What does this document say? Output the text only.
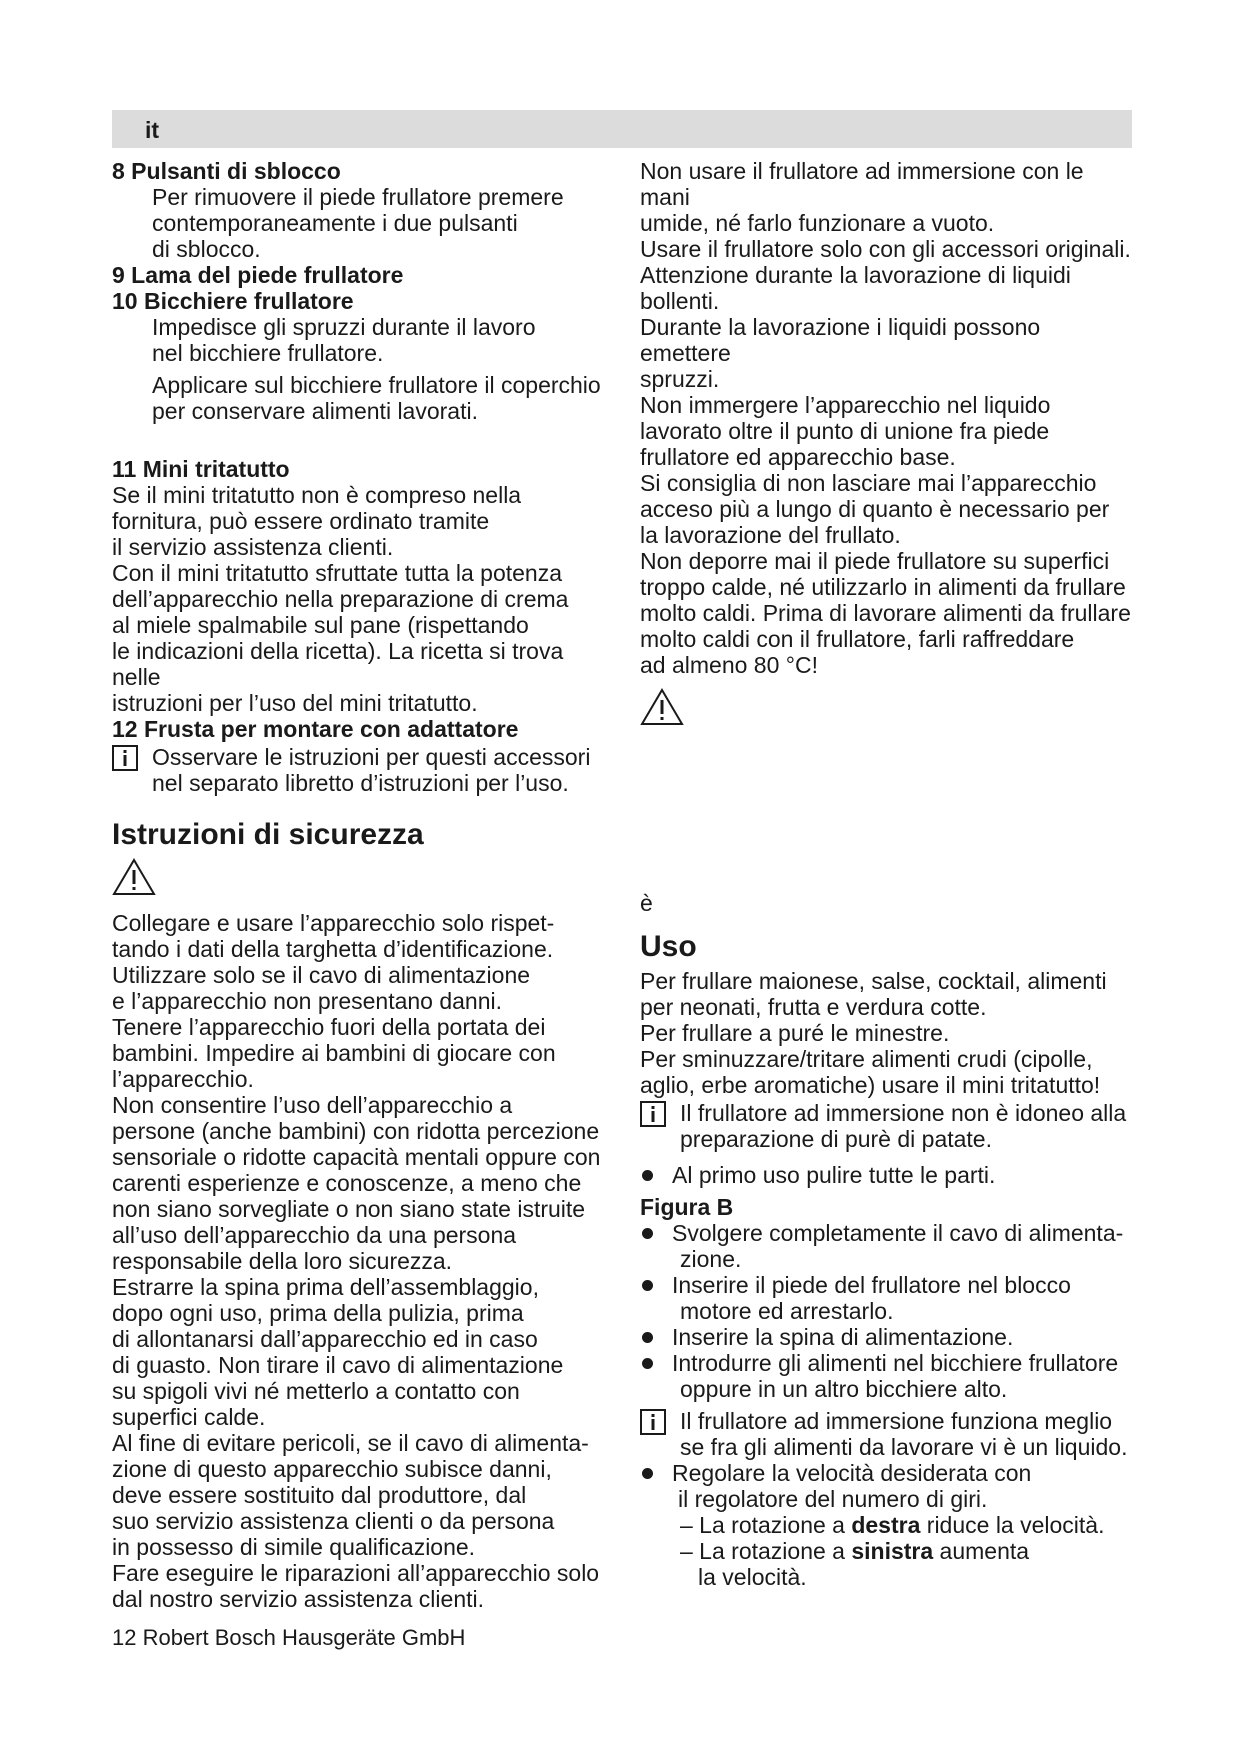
it

8 Pulsanti di sblocco

Per rimuovere il piede frullatore premere
contemporaneamente i due pulsanti
di sblocco.

9 Lama del piede frullatore

10 Bicchiere frullatore

Impedisce gli spruzzi durante il lavoro
nel bicchiere frullatore.
Applicare sul bicchiere frullatore il coperchio
per conservare alimenti lavorati.

11 Mini tritatutto

Se il mini tritatutto non è compreso nella
fornitura, può essere ordinato tramite
il servizio assistenza clienti.
Con il mini tritatutto sfruttate tutta la potenza
dell’apparecchio nella preparazione di crema
al miele spalmabile sul pane (rispettando
le indicazioni della ricetta). La ricetta si trova nelle
istruzioni per l’uso del mini tritatutto.

12 Frusta per montare con adattatore

Osservare le istruzioni per questi accessori
nel separato libretto d’istruzioni per l’uso.

Istruzioni di sicurezza

Collegare e usare l’apparecchio solo rispet-
tando i dati della targhetta d’identificazione.
Utilizzare solo se il cavo di alimentazione
e l’apparecchio non presentano danni.
Tenere l’apparecchio fuori della portata dei
bambini. Impedire ai bambini di giocare con
l’apparecchio.
Non consentire l’uso dell’apparecchio a
persone (anche bambini) con ridotta percezione
sensoriale o ridotte capacità mentali oppure con
carenti esperienze e conoscenze, a meno che
non siano sorvegliate o non siano state istruite
all’uso dell’apparecchio da una persona
responsabile della loro sicurezza.
Estrarre la spina prima dell’assemblaggio,
dopo ogni uso, prima della pulizia, prima
di allontanarsi dall’apparecchio ed in caso
di guasto. Non tirare il cavo di alimentazione
su spigoli vivi né metterlo a contatto con
superfici calde.
Al fine di evitare pericoli, se il cavo di alimenta-
zione di questo apparecchio subisce danni,
deve essere sostituito dal produttore, dal
suo servizio assistenza clienti o da persona
in possesso di simile qualificazione.
Fare eseguire le riparazioni all’apparecchio solo
dal nostro servizio assistenza clienti.
Non usare il frullatore ad immersione con le mani
umide, né farlo funzionare a vuoto.
Usare il frullatore solo con gli accessori originali.
Attenzione durante la lavorazione di liquidi
bollenti.
Durante la lavorazione i liquidi possono emettere
spruzzi.
Non immergere l’apparecchio nel liquido
lavorato oltre il punto di unione fra piede
frullatore ed apparecchio base.
Si consiglia di non lasciare mai l’apparecchio
acceso più a lungo di quanto è necessario per
la lavorazione del frullato.
Non deporre mai il piede frullatore su superfici
troppo calde, né utilizzarlo in alimenti da frullare
molto caldi. Prima di lavorare alimenti da frullare
molto caldi con il frullatore, farli raffreddare
ad almeno 80 °C!
è

Uso

Per frullare maionese, salse, cocktail, alimenti
per neonati, frutta e verdura cotte.
Per frullare a puré le minestre.
Per sminuzzare/tritare alimenti crudi (cipolle,
aglio, erbe aromatiche) usare il mini tritatutto!
Il frullatore ad immersione non è idoneo alla
preparazione di purè di patate.
Al primo uso pulire tutte le parti.

Figura B

Svolgere completamente il cavo di alimenta-
zione.
Inserire il piede del frullatore nel blocco
motore ed arrestarlo.
Inserire la spina di alimentazione.
Introdurre gli alimenti nel bicchiere frullatore
oppure in un altro bicchiere alto.
Il frullatore ad immersione funziona meglio
se fra gli alimenti da lavorare vi è un liquido.
Regolare la velocità desiderata con
il regolatore del numero di giri.
– La rotazione a destra riduce la velocità.
– La rotazione a sinistra aumenta
la velocità.
12 Robert Bosch Hausgeräte GmbH
